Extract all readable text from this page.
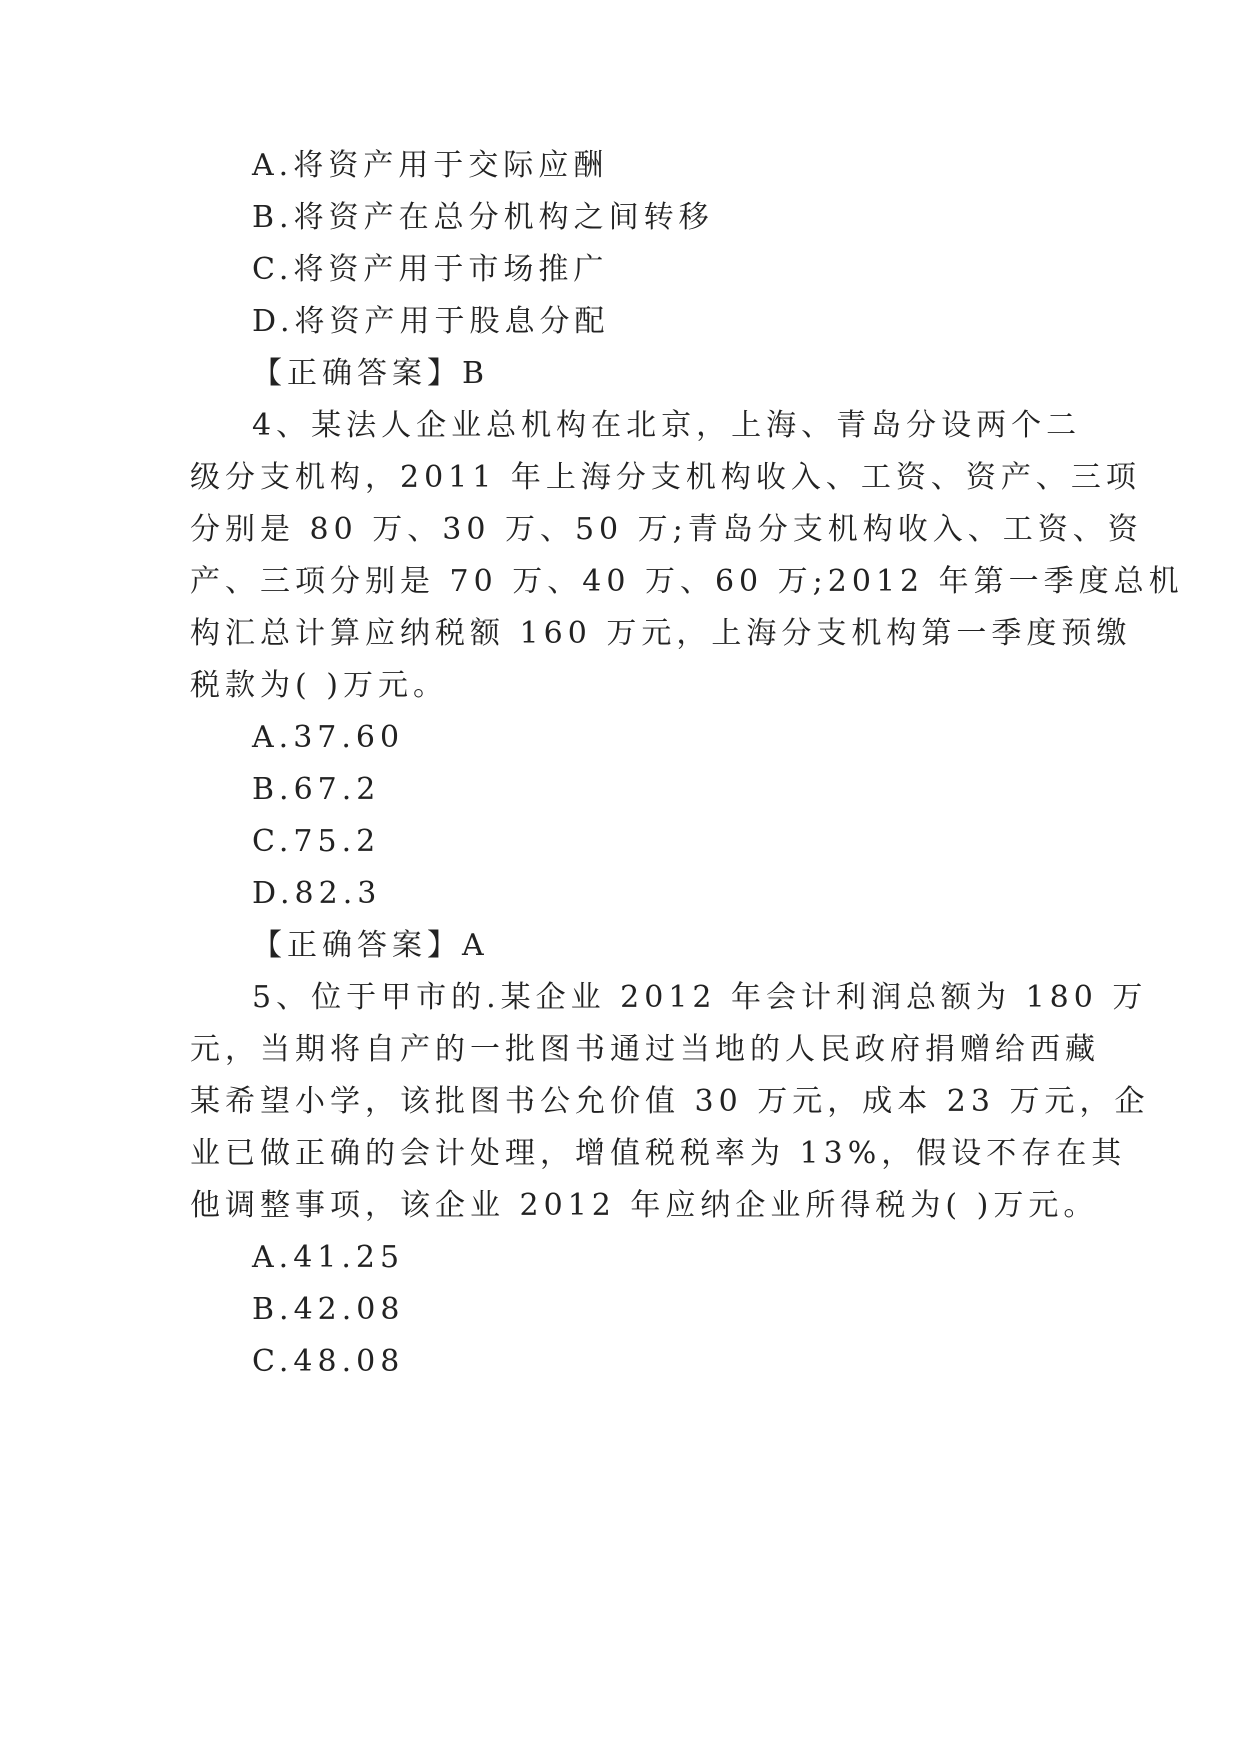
A.将资产用于交际应酬
B.将资产在总分机构之间转移
C.将资产用于市场推广
D.将资产用于股息分配
【正确答案】B
4、某法人企业总机构在北京，上海、青岛分设两个二
级分支机构，2011 年上海分支机构收入、工资、资产、三项
分别是 80 万、30 万、50 万;青岛分支机构收入、工资、资
产、三项分别是 70 万、40 万、60 万;2012 年第一季度总机
构汇总计算应纳税额 160 万元，上海分支机构第一季度预缴
税款为( )万元。
A.37.60
B.67.2
C.75.2
D.82.3
【正确答案】A
5、位于甲市的.某企业 2012 年会计利润总额为 180 万
元，当期将自产的一批图书通过当地的人民政府捐赠给西藏
某希望小学，该批图书公允价值 30 万元，成本 23 万元，企
业已做正确的会计处理，增值税税率为 13%，假设不存在其
他调整事项，该企业 2012 年应纳企业所得税为( )万元。
A.41.25
B.42.08
C.48.08
